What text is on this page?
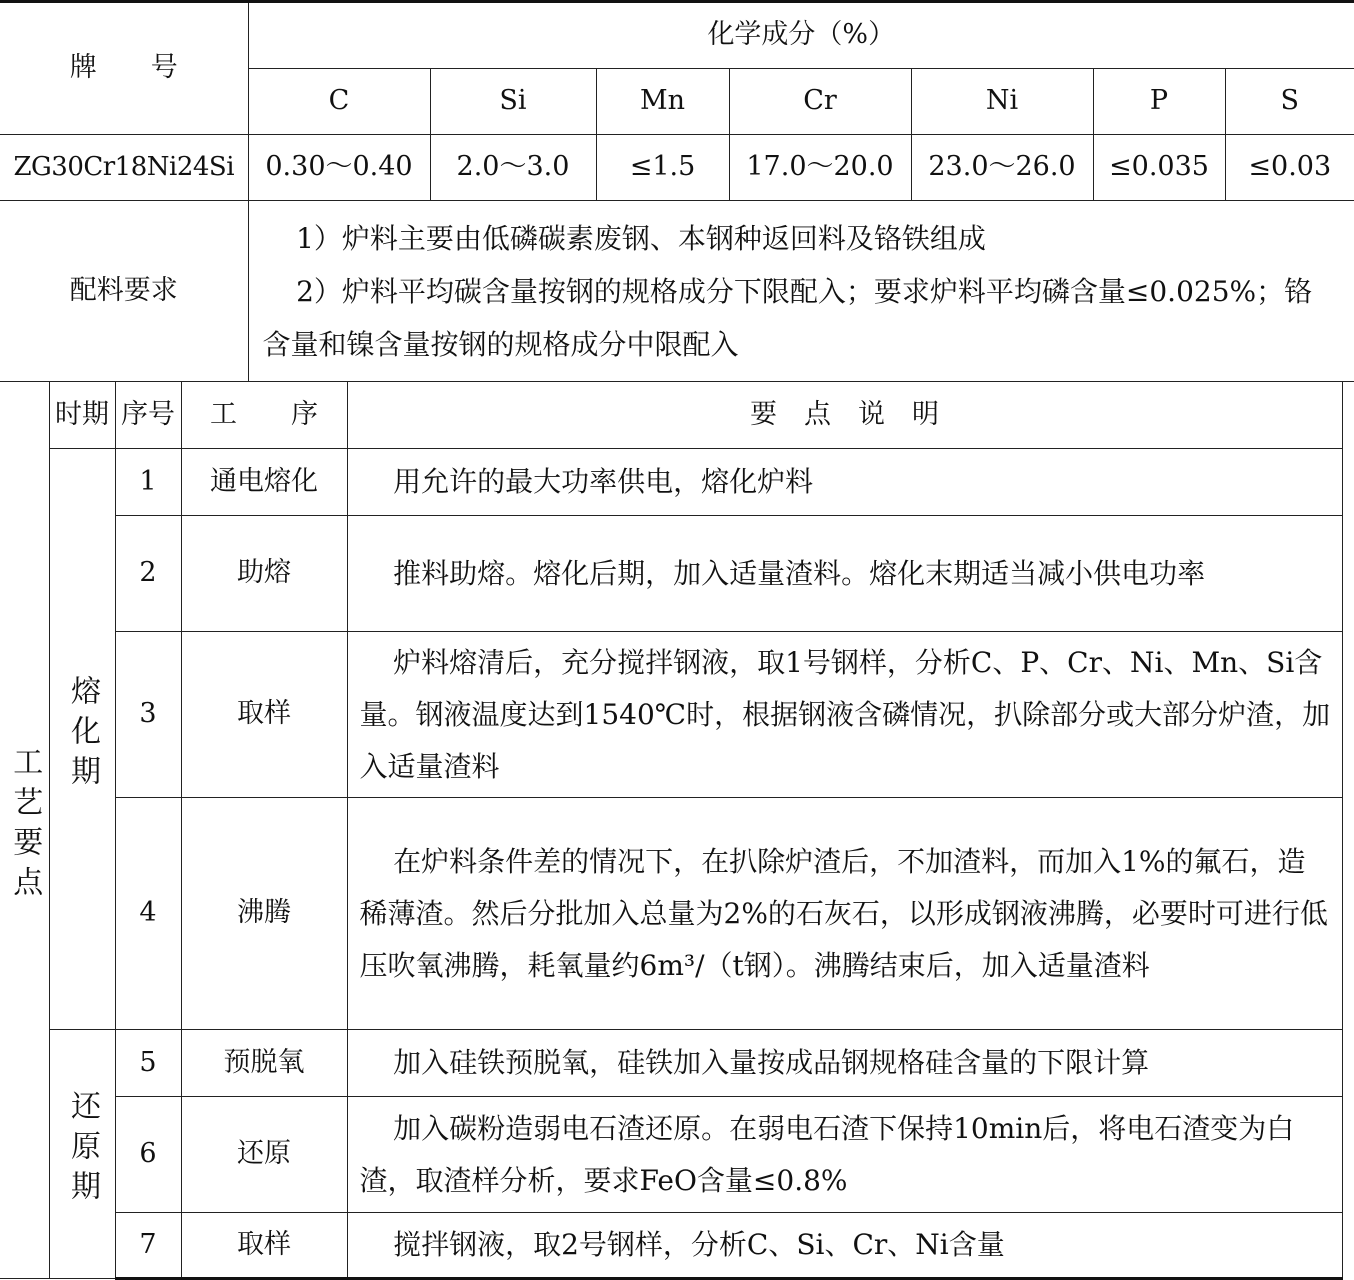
牌　　号	化学成分（%）						
	C	Si	Mn	Cr	Ni	P	S
ZG30Cr18Ni24Si	0.30～0.40	2.0～3.0	≤1.5	17.0～20.0	23.0～26.0	≤0.035	≤0.03
配料要求	1）炉料主要由低磷碳素废钢、本钢种返回料及铬铁组成

2）炉料平均碳含量按钢的规格成分下限配入；要求炉料平均磷含量≤0.025%；铬含量和镍含量按钢的规格成分中限配入						

工艺要点	时期	序号	工　　序	要　点　说　明
	熔化期	1	通电熔化	用允许的最大功率供电，熔化炉料

		2	助熔	推料助熔。熔化后期，加入适量渣料。熔化末期适当减小供电功率

		3	取样	炉料熔清后，充分搅拌钢液，取1号钢样，分析C、P、Cr、Ni、Mn、Si含量。钢液温度达到1540℃时，根据钢液含磷情况，扒除部分或大部分炉渣，加入适量渣料

		4	沸腾	在炉料条件差的情况下，在扒除炉渣后，不加渣料，而加入1%的氟石，造稀薄渣。然后分批加入总量为2%的石灰石，以形成钢液沸腾，必要时可进行低压吹氧沸腾，耗氧量约6m³/（t钢）。沸腾结束后，加入适量渣料

	还原期	5	预脱氧	加入硅铁预脱氧，硅铁加入量按成品钢规格硅含量的下限计算

		6	还原	加入碳粉造弱电石渣还原。在弱电石渣下保持10min后，将电石渣变为白渣，取渣样分析，要求FeO含量≤0.8%

		7	取样	搅拌钢液，取2号钢样，分析C、Si、Cr、Ni含量
